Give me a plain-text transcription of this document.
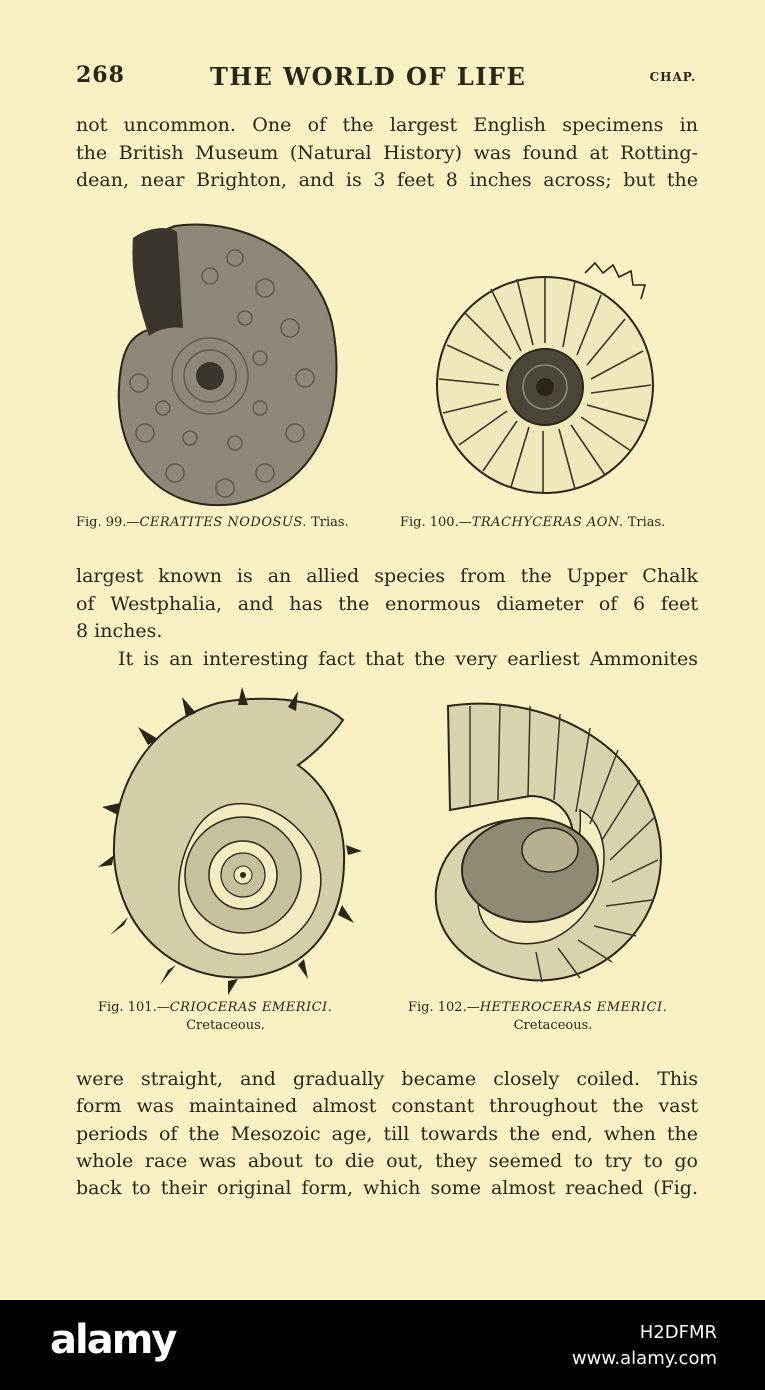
268	THE WORLD OF LIFE	CHAP.
not uncommon. One of the largest English specimens in
the British Museum (Natural History) was found at Rotting-
dean, near Brighton, and is 3 feet 8 inches across; but the
Fig. 99.—CERATITES NODOSUS. Trias.	Fig. 100.—TRACHYCERAS AON. Trias.
largest known is an allied species from the Upper Chalk
of Westphalia, and has the enormous diameter of 6 feet
8 inches.
It is an interesting fact that the very earliest Ammonites
Fig. 101.—CRIOCERAS EMERICI.
Cretaceous.
Fig. 102.—HETEROCERAS EMERICI.
Cretaceous.
were straight, and gradually became closely coiled. This
form was maintained almost constant throughout the vast
periods of the Mesozoic age, till towards the end, when the
whole race was about to die out, they seemed to try to go
back to their original form, which some almost reached (Fig.
alamy	H2DFMR
www.alamy.com
